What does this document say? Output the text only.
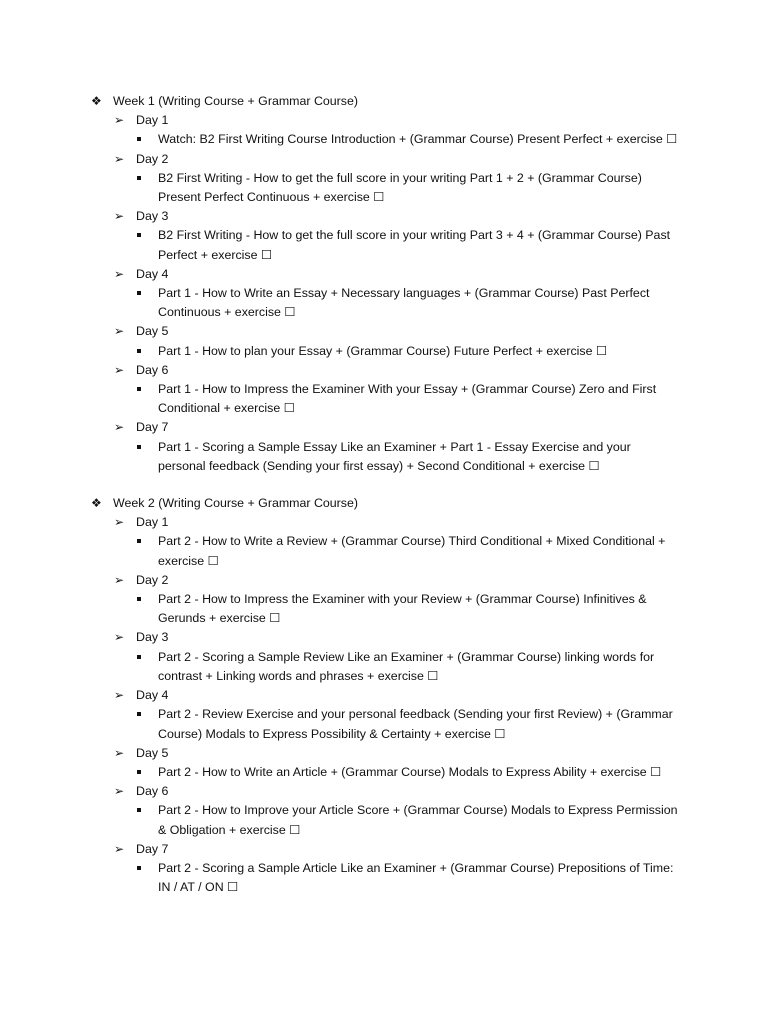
❖ Week 1 (Writing Course + Grammar Course)
➢ Day 1
Watch: B2 First Writing Course Introduction + (Grammar Course) Present Perfect + exercise ☐
➢ Day 2
B2 First Writing - How to get the full score in your writing Part 1 + 2 + (Grammar Course) Present Perfect Continuous + exercise ☐
➢ Day 3
B2 First Writing - How to get the full score in your writing Part 3 + 4 + (Grammar Course) Past Perfect + exercise ☐
➢ Day 4
Part 1 - How to Write an Essay + Necessary languages + (Grammar Course) Past Perfect Continuous + exercise ☐
➢ Day 5
Part 1 - How to plan your Essay + (Grammar Course) Future Perfect + exercise ☐
➢ Day 6
Part 1 - How to Impress the Examiner With your Essay + (Grammar Course) Zero and First Conditional + exercise ☐
➢ Day 7
Part 1 - Scoring a Sample Essay Like an Examiner + Part 1 - Essay Exercise and your personal feedback (Sending your first essay) + Second Conditional + exercise ☐
❖ Week 2 (Writing Course + Grammar Course)
➢ Day 1
Part 2 - How to Write a Review + (Grammar Course) Third Conditional + Mixed Conditional + exercise ☐
➢ Day 2
Part 2 - How to Impress the Examiner with your Review + (Grammar Course) Infinitives & Gerunds + exercise ☐
➢ Day 3
Part 2 - Scoring a Sample Review Like an Examiner + (Grammar Course) linking words for contrast + Linking words and phrases + exercise ☐
➢ Day 4
Part 2 - Review Exercise and your personal feedback (Sending your first Review) + (Grammar Course) Modals to Express Possibility & Certainty + exercise ☐
➢ Day 5
Part 2 - How to Write an Article + (Grammar Course) Modals to Express Ability + exercise ☐
➢ Day 6
Part 2 - How to Improve your Article Score + (Grammar Course) Modals to Express Permission & Obligation + exercise ☐
➢ Day 7
Part 2 - Scoring a Sample Article Like an Examiner + (Grammar Course) Prepositions of Time: IN / AT / ON ☐
